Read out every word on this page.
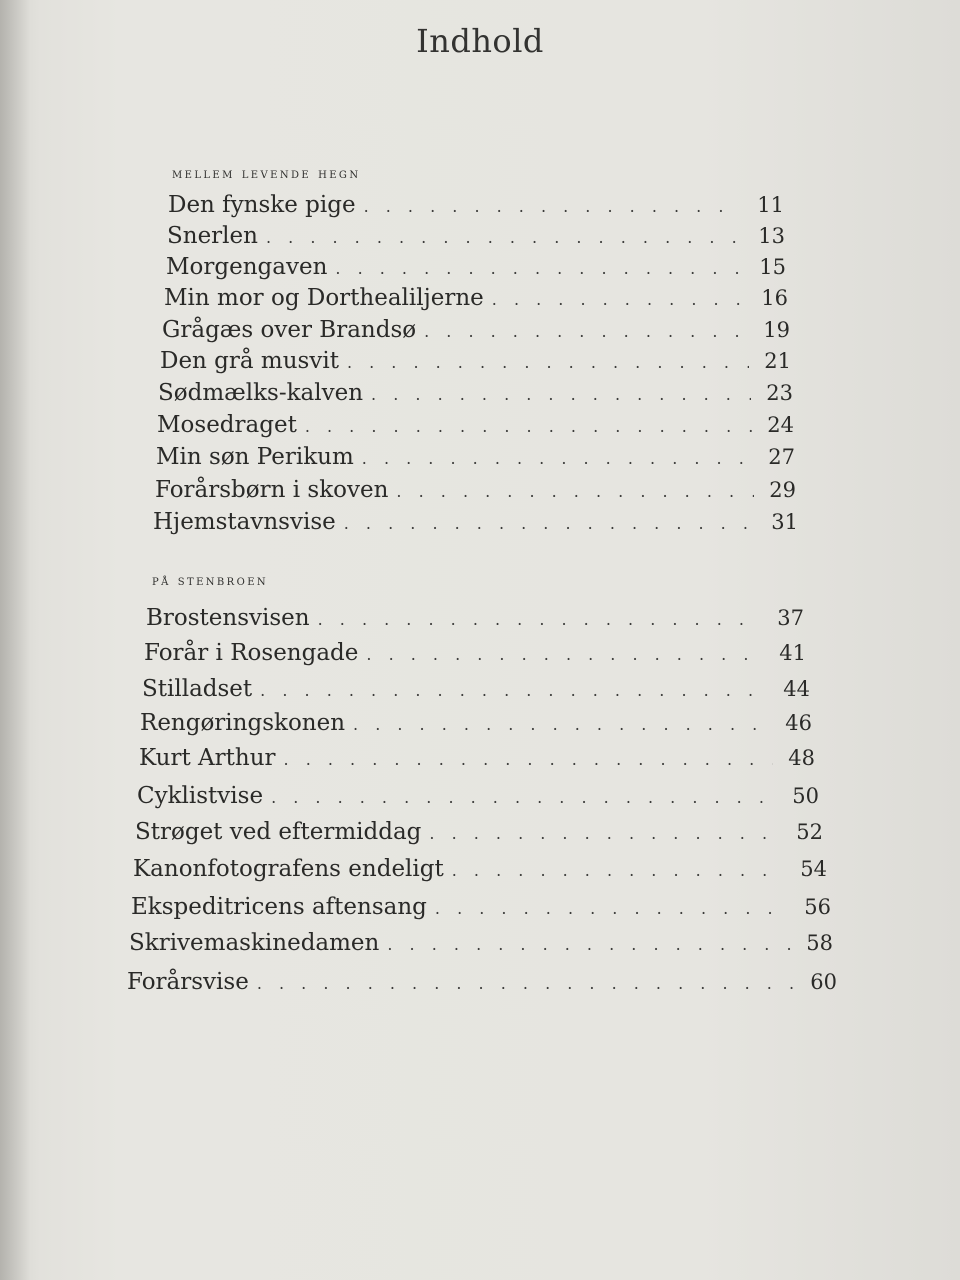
Indhold
mellem levende hegn
Den fynske pige . . .	11
Snerlen . . .	13
Morgengaven . . .	15
Min mor og Dorthealiljerne . . .	16
Grågæs over Brandsø . . .	19
Den grå musvit . . .	21
Sødmælks-kalven . . .	23
Mosedraget . . .	24
Min søn Perikum . . .	27
Forårsbørn i skoven . . .	29
Hjemstavnsvise . . .	31
på stenbroen
Brostensvisen . . .	37
Forår i Rosengade . . .	41
Stilladset . . .	44
Rengøringskonen . . .	46
Kurt Arthur . . .	48
Cyklistvise . . .	50
Strøget ved eftermiddag . . .	52
Kanonfotografens endeligt . . .	54
Ekspeditricens aftensang . . .	56
Skrivemaskinedamen . . .	58
Forårsvise . . .	60
